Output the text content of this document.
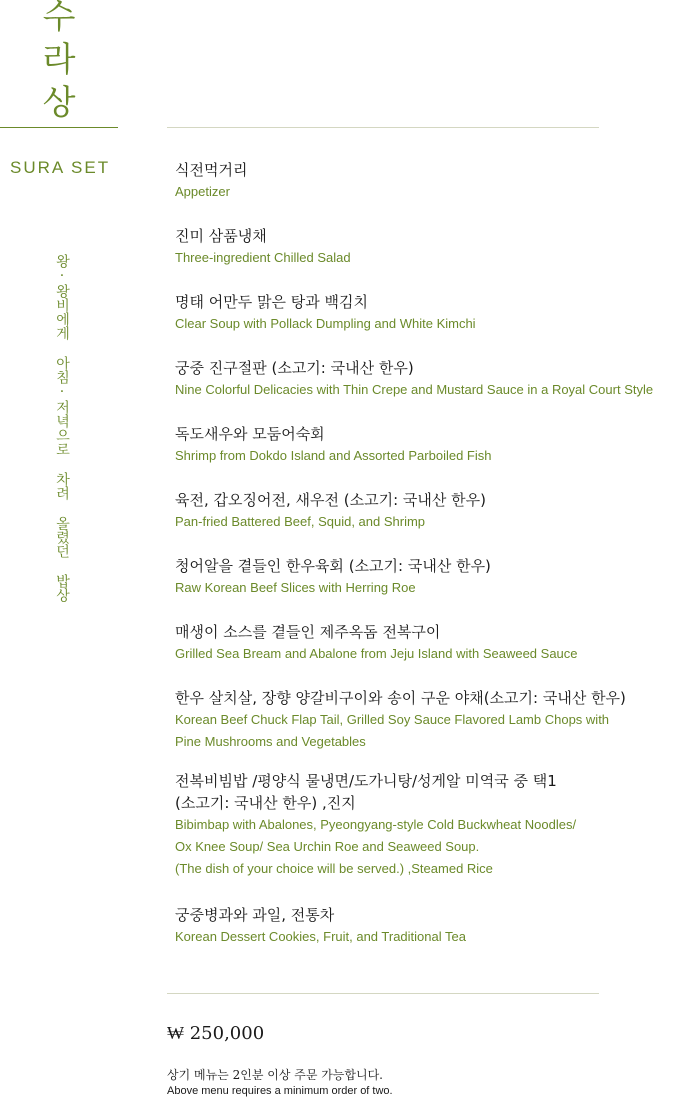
수
라
상
SURA SET
왕·왕비에게 아침·저녁으로 차려 올렸던 밥상
식전먹거리
Appetizer
진미 삼품냉채
Three-ingredient Chilled Salad
명태 어만두 맑은 탕과 백김치
Clear Soup with Pollack Dumpling and White Kimchi
궁중 진구절판 (소고기: 국내산 한우)
Nine Colorful Delicacies with Thin Crepe and Mustard Sauce in a Royal Court Style
독도새우와 모둠어숙회
Shrimp from Dokdo Island and Assorted Parboiled Fish
육전, 갑오징어전, 새우전 (소고기: 국내산 한우)
Pan-fried Battered Beef, Squid, and Shrimp
청어알을 곁들인 한우육회 (소고기: 국내산 한우)
Raw Korean Beef Slices with Herring Roe
매생이 소스를 곁들인 제주옥돔 전복구이
Grilled Sea Bream and Abalone from Jeju Island with Seaweed Sauce
한우 살치살, 장향 양갈비구이와 송이 구운 야채(소고기: 국내산 한우)
Korean Beef Chuck Flap Tail, Grilled Soy Sauce Flavored Lamb Chops with
Pine Mushrooms and Vegetables
전복비빔밥 /평양식 물냉면/도가니탕/성게알 미역국 중 택1
(소고기: 국내산 한우) ,진지
Bibimbap with Abalones, Pyeongyang-style Cold Buckwheat Noodles/
Ox Knee Soup/ Sea Urchin Roe and Seaweed Soup.
(The dish of your choice will be served.) ,Steamed Rice
궁중병과와 과일, 전통차
Korean Dessert Cookies, Fruit, and Traditional Tea
₩ 250,000
상기 메뉴는 2인분 이상 주문 가능합니다.
Above menu requires a minimum order of two.
